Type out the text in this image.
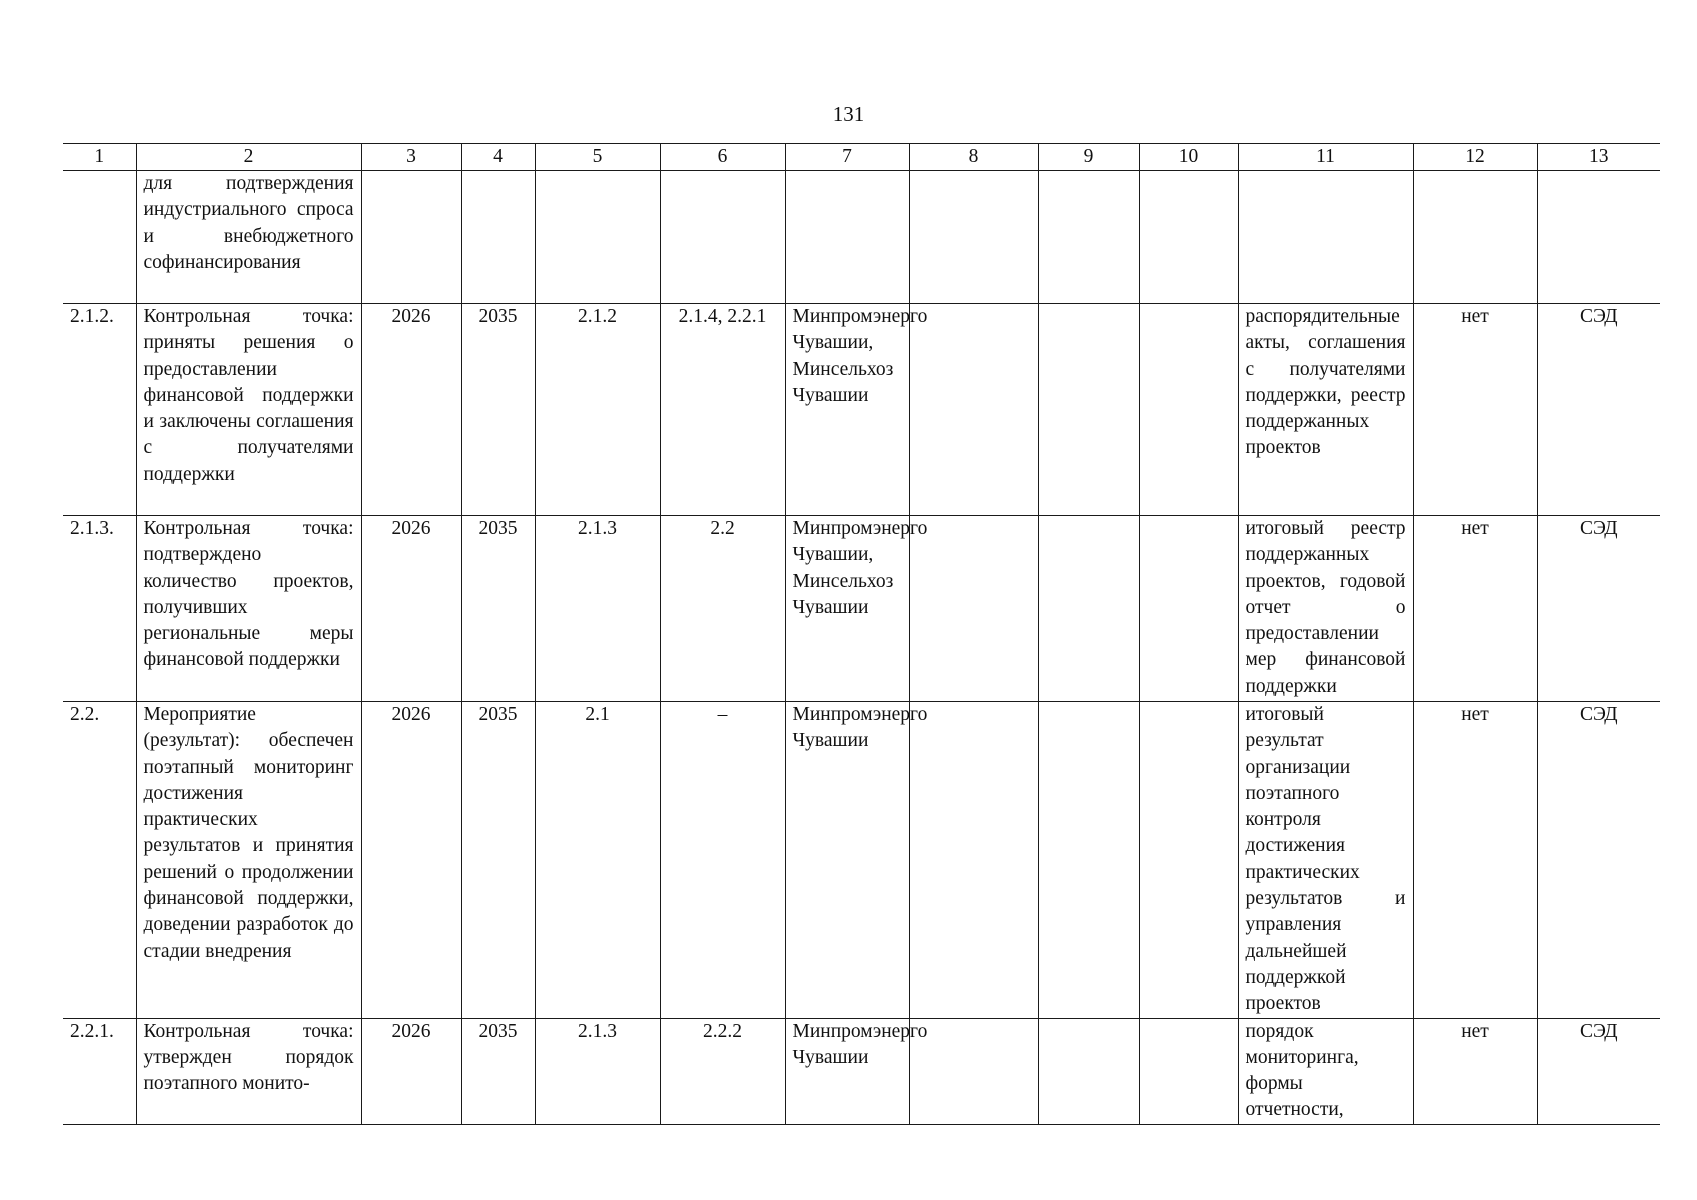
131
1	2	3	4	5	6	7	8	9	10	11	12	13
	для подтверждения индустриального спроса и внебюджетного софинансирования											
2.1.2.	Контрольная точка: приняты решения о предоставлении финансовой поддержки и заключены соглашения с получателями поддержки	2026	2035	2.1.2	2.1.4, 2.2.1	Минпромэнерго Чувашии, Минсельхоз Чувашии				распорядительные акты, соглашения с получателями поддержки, реестр поддержанных проектов	нет	СЭД
2.1.3.	Контрольная точка: подтверждено количество проектов, получивших региональные меры финансовой поддержки	2026	2035	2.1.3	2.2	Минпромэнерго Чувашии, Минсельхоз Чувашии				итоговый реестр поддержанных проектов, годовой отчет о предоставлении мер финансовой поддержки	нет	СЭД
2.2.	Мероприятие (результат): обеспечен поэтапный мониторинг достижения практических результатов и принятия решений о продолжении финансовой поддержки, доведении разработок до стадии внедрения	2026	2035	2.1	–	Минпромэнерго Чувашии				итоговый результат организации поэтапного контроля достижения практических результатов и управления дальнейшей поддержкой проектов	нет	СЭД
2.2.1.	Контрольная точка: утвержден порядок поэтапного монито-	2026	2035	2.1.3	2.2.2	Минпромэнерго Чувашии				порядок мониторинга, формы отчетности,	нет	СЭД
